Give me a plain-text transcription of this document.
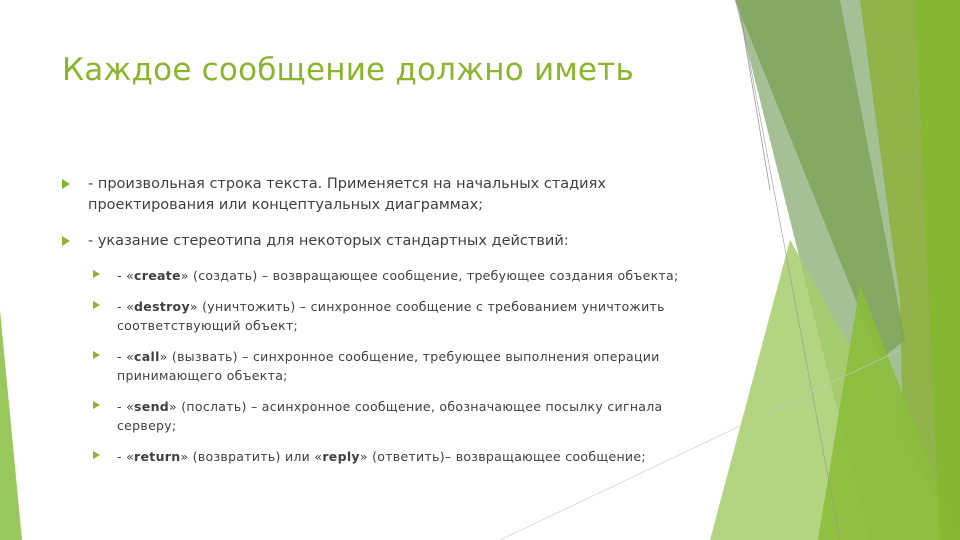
Каждое сообщение должно иметь
- произвольная строка текста. Применяется на начальных стадиях проектирования или концептуальных диаграммах;
- указание стереотипа для некоторых стандартных действий:
- «create» (создать) – возвращающее сообщение, требующее создания объекта;
- «destroy» (уничтожить) – синхронное сообщение с требованием уничтожить соответствующий объект;
- «call» (вызвать) – синхронное сообщение, требующее выполнения операции принимающего объекта;
- «send» (послать) – асинхронное сообщение, обозначающее посылку сигнала серверу;
- «return» (возвратить) или «reply» (ответить)– возвращающее сообщение;
